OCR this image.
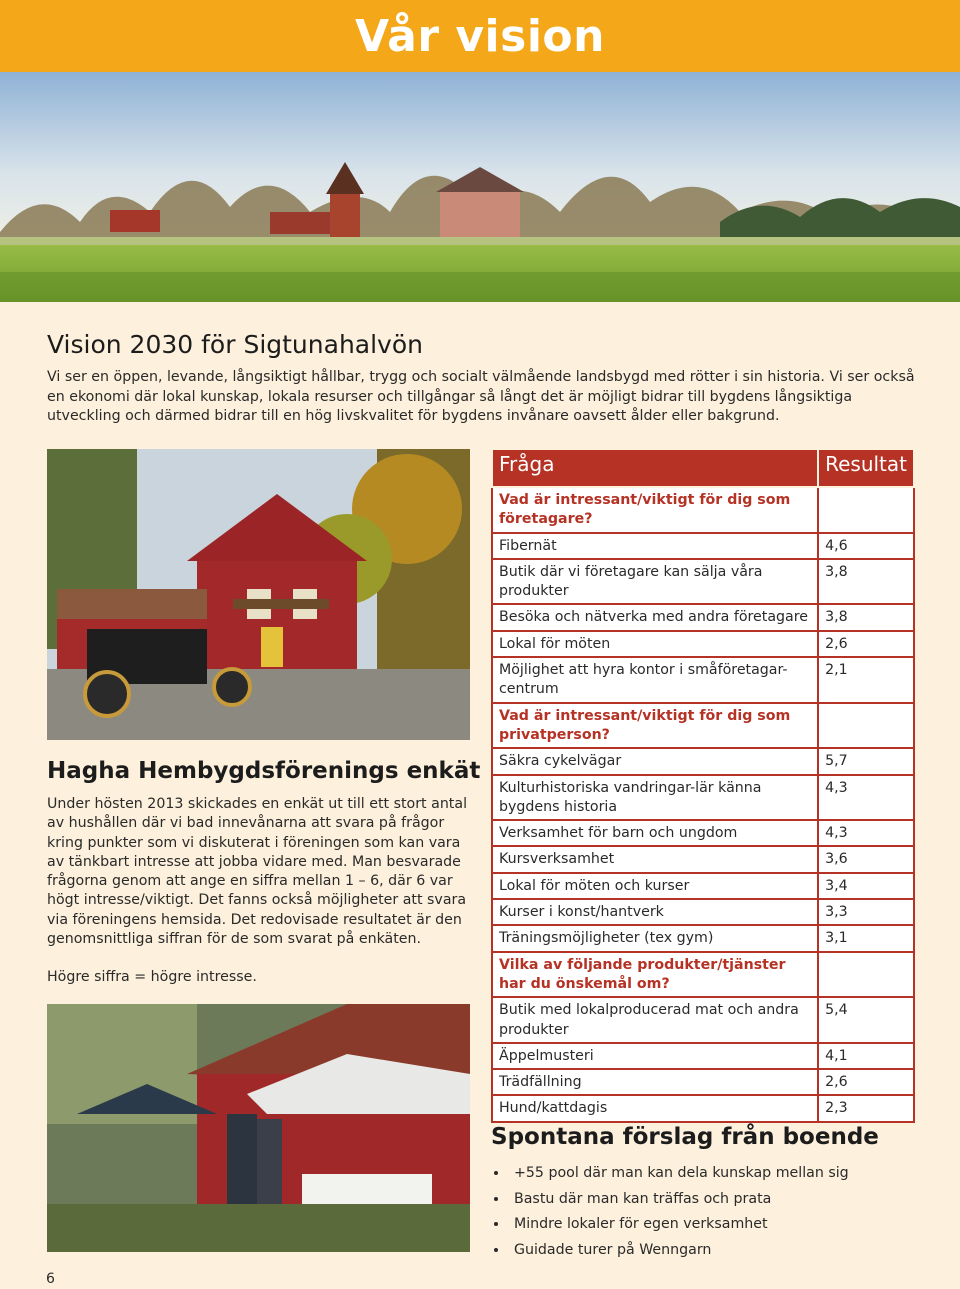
Vår vision
Vision 2030 för Sigtunahalvön

Vi ser en öppen, levande, långsiktigt hållbar, trygg och socialt välmående landsbygd med rötter i sin historia. Vi ser också en ekonomi där lokal kunskap, lokala resurser och tillgångar så långt det är möjligt bidrar till bygdens långsiktiga utveckling och därmed bidrar till en hög livskvalitet för bygdens invånare oavsett ålder eller bakgrund.

Hagha Hembygdsförenings enkät

Under hösten 2013 skickades en enkät ut till ett stort antal av hushållen där vi bad innevånarna att svara på frågor kring punkter som vi diskuterat i föreningen som kan vara av tänkbart intresse att jobba vidare med. Man besvarade frågorna genom att ange en siffra mellan 1 – 6, där 6 var högt intresse/viktigt. Det fanns också möjligheter att svara via föreningens hemsida. Det redovisade resultatet är den genomsnittliga siffran för de som svarat på enkäten.

Högre siffra = högre intresse.

Fråga	Resultat
Vad är intressant/viktigt för dig som företagare?	
Fibernät	4,6
Butik där vi företagare kan sälja våra produkter	3,8
Besöka och nätverka med andra företagare	3,8
Lokal för möten	2,6
Möjlighet att hyra kontor i småföretagar-centrum	2,1
Vad är intressant/viktigt för dig som privatperson?	
Säkra cykelvägar	5,7
Kulturhistoriska vandringar-lär känna bygdens historia	4,3
Verksamhet för barn och ungdom	4,3
Kursverksamhet	3,6
Lokal för möten och kurser	3,4
Kurser i konst/hantverk	3,3
Träningsmöjligheter (tex gym)	3,1
Vilka av följande produkter/tjänster har du önskemål om?	
Butik med lokalproducerad mat och andra produkter	5,4
Äppelmusteri	4,1
Trädfällning	2,6
Hund/kattdagis	2,3
Spontana förslag från boende
+55 pool där man kan dela kunskap mellan sig
Bastu där man kan träffas och prata
Mindre lokaler för egen verksamhet
Guidade turer på Wenngarn
6
